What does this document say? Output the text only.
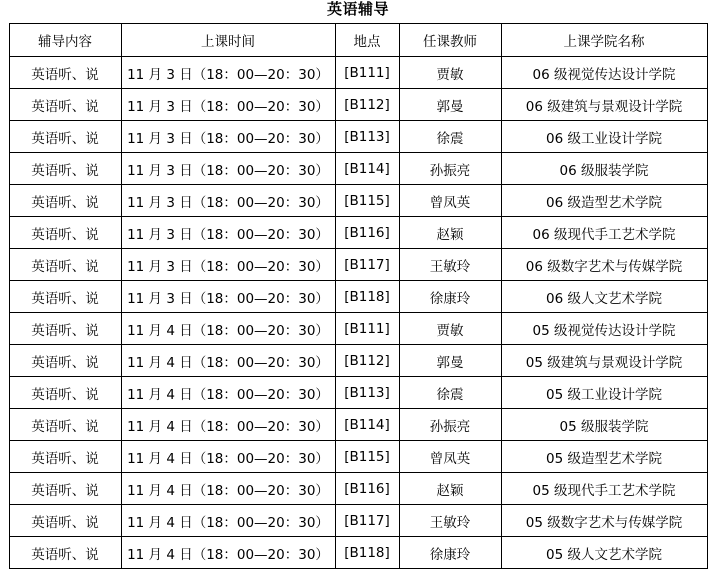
英语辅导
辅导内容	上课时间	地点	任课教师	上课学院名称
英语听、说	11 月 3 日（18：00—20：30）	[B111]	贾敏	06 级视觉传达设计学院
英语听、说	11 月 3 日（18：00—20：30）	[B112]	郭曼	06 级建筑与景观设计学院
英语听、说	11 月 3 日（18：00—20：30）	[B113]	徐震	06 级工业设计学院
英语听、说	11 月 3 日（18：00—20：30）	[B114]	孙振亮	06 级服装学院
英语听、说	11 月 3 日（18：00—20：30）	[B115]	曾凤英	06 级造型艺术学院
英语听、说	11 月 3 日（18：00—20：30）	[B116]	赵颖	06 级现代手工艺术学院
英语听、说	11 月 3 日（18：00—20：30）	[B117]	王敏玲	06 级数字艺术与传媒学院
英语听、说	11 月 3 日（18：00—20：30）	[B118]	徐康玲	06 级人文艺术学院
英语听、说	11 月 4 日（18：00—20：30）	[B111]	贾敏	05 级视觉传达设计学院
英语听、说	11 月 4 日（18：00—20：30）	[B112]	郭曼	05 级建筑与景观设计学院
英语听、说	11 月 4 日（18：00—20：30）	[B113]	徐震	05 级工业设计学院
英语听、说	11 月 4 日（18：00—20：30）	[B114]	孙振亮	05 级服装学院
英语听、说	11 月 4 日（18：00—20：30）	[B115]	曾凤英	05 级造型艺术学院
英语听、说	11 月 4 日（18：00—20：30）	[B116]	赵颖	05 级现代手工艺术学院
英语听、说	11 月 4 日（18：00—20：30）	[B117]	王敏玲	05 级数字艺术与传媒学院
英语听、说	11 月 4 日（18：00—20：30）	[B118]	徐康玲	05 级人文艺术学院
